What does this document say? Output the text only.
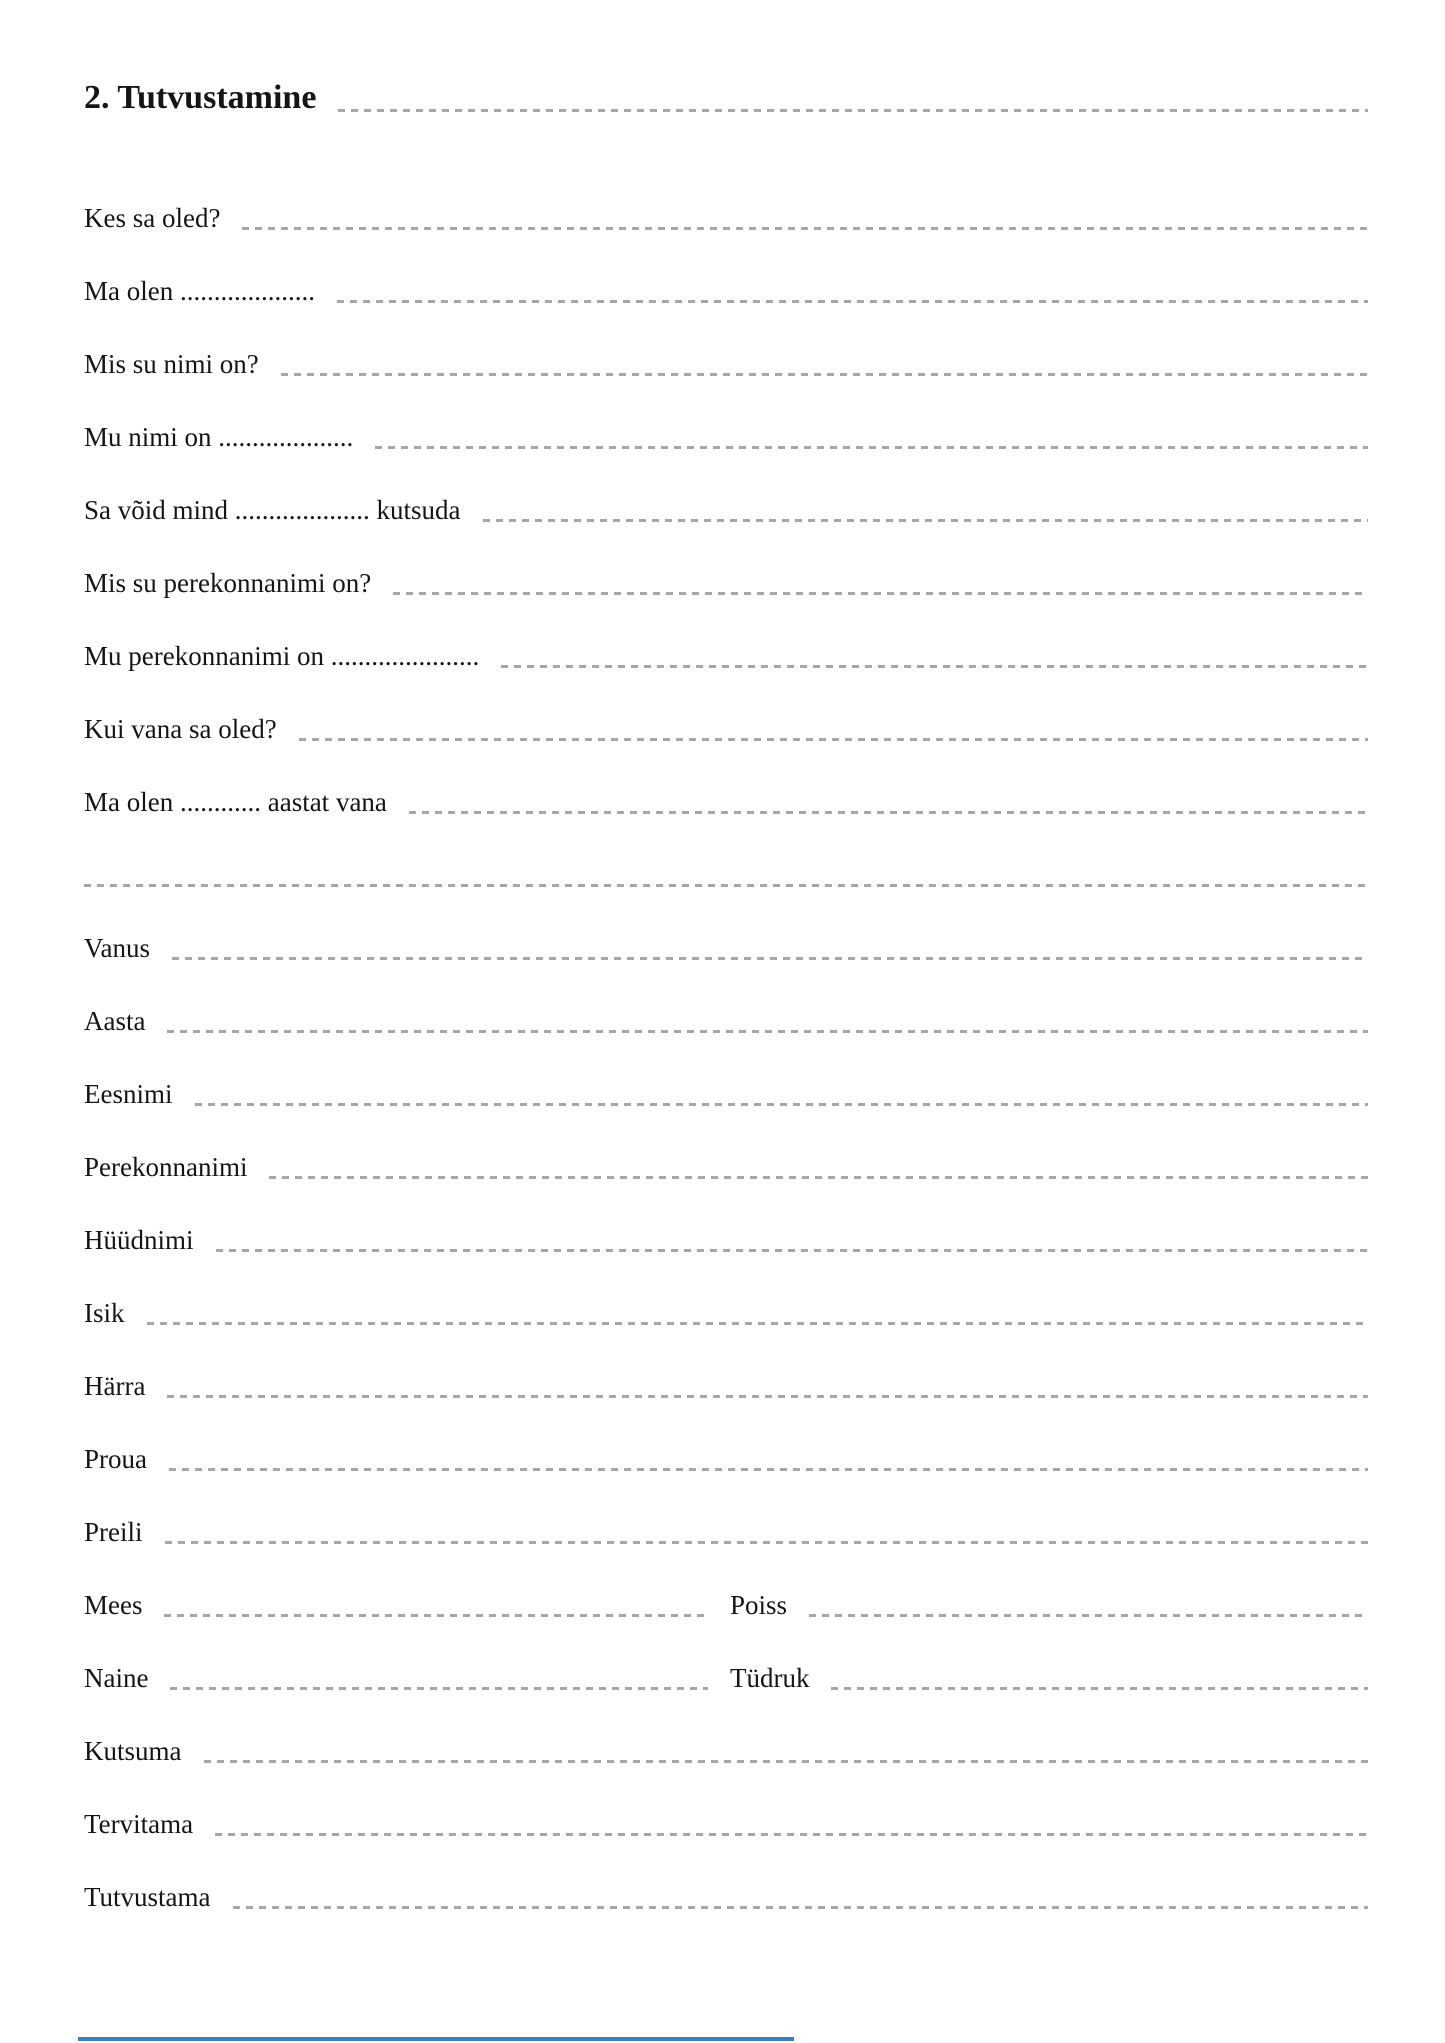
2. Tutvustamine
Kes sa oled?
Ma olen ....................
Mis su nimi on?
Mu nimi on ....................
Sa võid mind .................... kutsuda
Mis su perekonnanimi on?
Mu perekonnanimi on ......................
Kui vana sa oled?
Ma olen ............ aastat vana
Vanus
Aasta
Eesnimi
Perekonnanimi
Hüüdnimi
Isik
Härra
Proua
Preili
Mees	Poiss
Naine	Tüdruk
Kutsuma
Tervitama
Tutvustama
